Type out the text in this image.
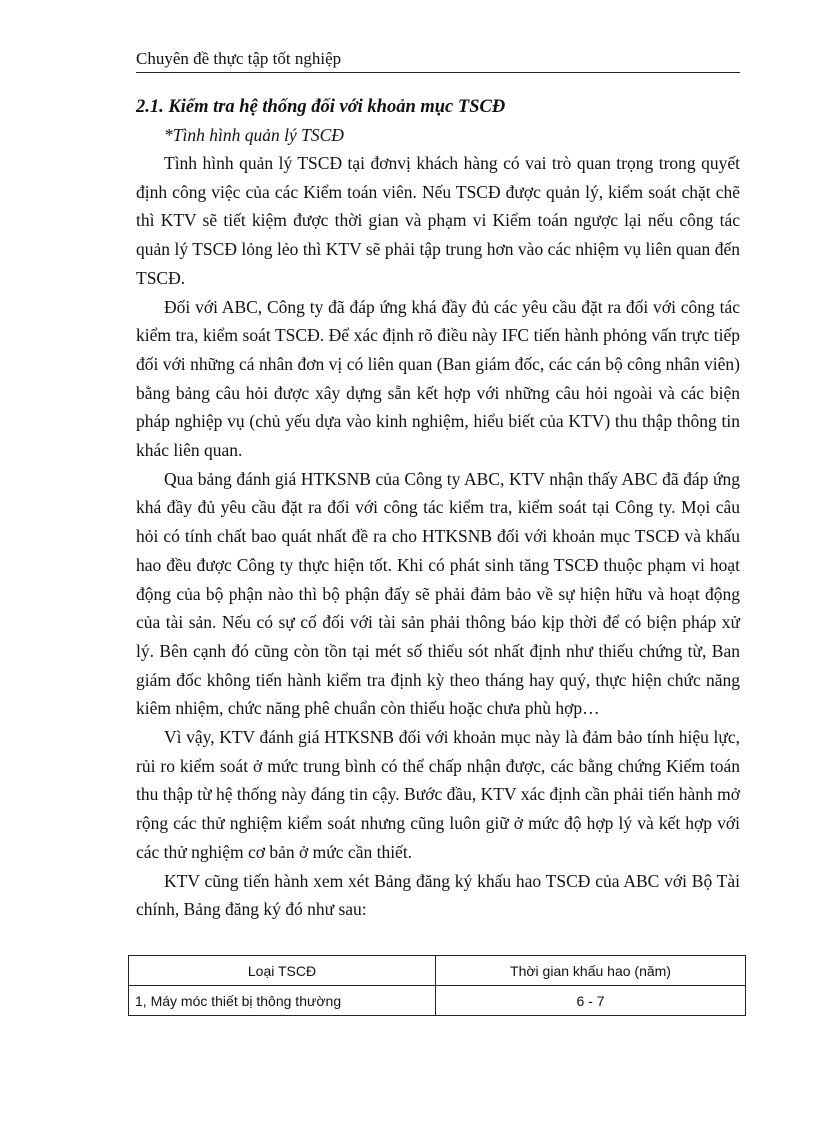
Chuyên đề thực tập tốt nghiệp

2.1. Kiểm tra hệ thống đối với khoản mục TSCĐ

*Tình hình quản lý TSCĐ

Tình hình quản lý TSCĐ tại đơnvị khách hàng có vai trò quan trọng trong quyết định công việc của các Kiểm toán viên. Nếu TSCĐ được quản lý, kiểm soát chặt chẽ thì KTV sẽ tiết kiệm được thời gian và phạm vi Kiểm toán ngược lại nếu công tác quản lý TSCĐ lỏng lẻo thì KTV sẽ phải tập trung hơn vào các nhiệm vụ liên quan đến TSCĐ.

Đối với ABC, Công ty đã đáp ứng khá đầy đủ các yêu cầu đặt ra đối với công tác kiểm tra, kiểm soát TSCĐ. Để xác định rõ điều này IFC tiến hành phỏng vấn trực tiếp đối với những cá nhân đơn vị có liên quan (Ban giám đốc, các cán bộ công nhân viên) bằng bảng câu hỏi được xây dựng sẵn kết hợp với những câu hỏi ngoài và các biện pháp nghiệp vụ (chủ yếu dựa vào kinh nghiệm, hiểu biết của KTV) thu thập thông tin khác liên quan.

Qua bảng đánh giá HTKSNB của Công ty ABC, KTV nhận thấy ABC đã đáp ứng khá đầy đủ yêu cầu đặt ra đối với công tác kiểm tra, kiểm soát tại Công ty. Mọi câu hỏi có tính chất bao quát nhất đề ra cho HTKSNB đối với khoản mục TSCĐ và khấu hao đều được Công ty thực hiện tốt. Khi có phát sinh tăng TSCĐ thuộc phạm vi hoạt động của bộ phận nào thì bộ phận đấy sẽ phải đảm bảo về sự hiện hữu và hoạt động của tài sản. Nếu có sự cố đối với tài sản phải thông báo kịp thời để có biện pháp xử lý. Bên cạnh đó cũng còn tồn tại mét số thiếu sót nhất định như thiếu chứng từ, Ban giám đốc không tiến hành kiểm tra định kỳ theo tháng hay quý, thực hiện chức năng kiêm nhiệm, chức năng phê chuẩn còn thiếu hoặc chưa phù hợp…

Vì vậy, KTV đánh giá HTKSNB đối với khoản mục này là đảm bảo tính hiệu lực, rủi ro kiểm soát ở mức trung bình có thể chấp nhận được, các bằng chứng Kiểm toán thu thập từ hệ thống này đáng tin cậy. Bước đầu, KTV xác định cần phải tiến hành mở rộng các thử nghiệm kiểm soát nhưng cũng luôn giữ ở mức độ hợp lý và kết hợp với các thử nghiệm cơ bản ở mức cần thiết.

KTV cũng tiến hành xem xét Bảng đăng ký khấu hao TSCĐ của ABC với Bộ Tài chính, Bảng đăng ký đó như sau:

Loại TSCĐ	Thời gian khấu hao (năm)
1, Máy móc thiết bị thông thường	6 - 7
